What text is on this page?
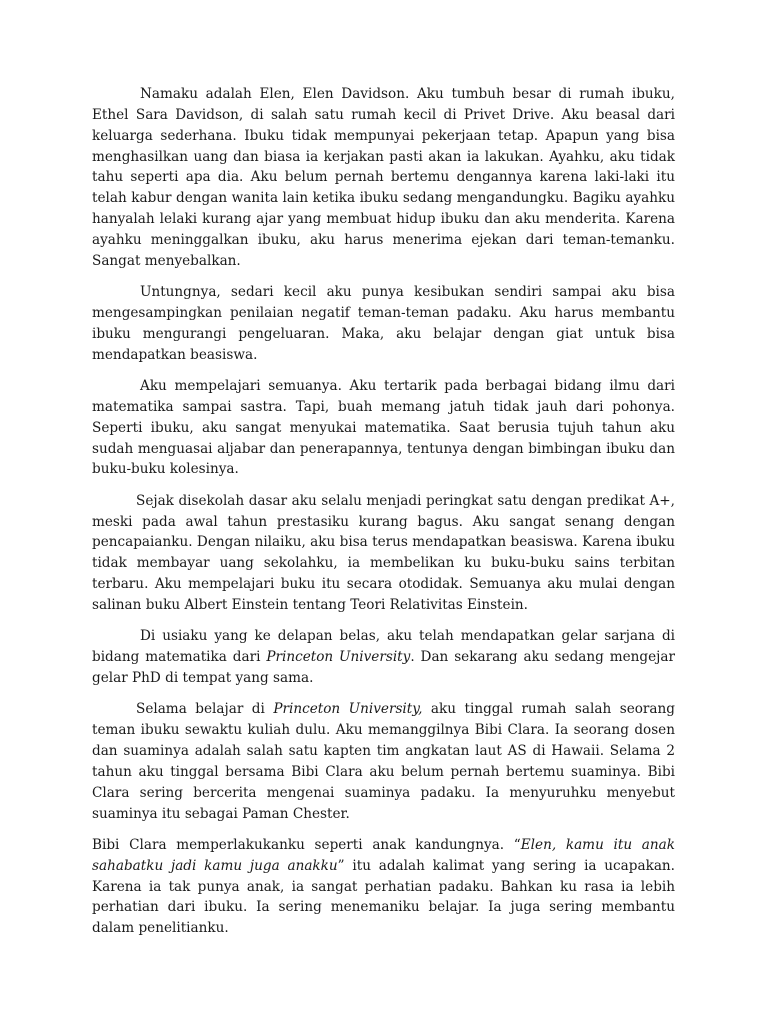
Namaku adalah Elen, Elen Davidson. Aku tumbuh besar di rumah ibuku, Ethel Sara Davidson, di salah satu rumah kecil di Privet Drive. Aku beasal dari keluarga sederhana. Ibuku tidak mempunyai pekerjaan tetap. Apapun yang bisa menghasilkan uang dan biasa ia kerjakan pasti akan ia lakukan. Ayahku, aku tidak tahu seperti apa dia. Aku belum pernah bertemu dengannya karena laki-laki itu telah kabur dengan wanita lain ketika ibuku sedang mengandungku. Bagiku ayahku hanyalah lelaki kurang ajar yang membuat hidup ibuku dan aku menderita. Karena ayahku meninggalkan ibuku, aku harus menerima ejekan dari teman-temanku. Sangat menyebalkan.

Untungnya, sedari kecil aku punya kesibukan sendiri sampai aku bisa mengesampingkan penilaian negatif teman-teman padaku. Aku harus membantu ibuku mengurangi pengeluaran. Maka, aku belajar dengan giat untuk bisa mendapatkan beasiswa.

Aku mempelajari semuanya. Aku tertarik pada berbagai bidang ilmu dari matematika sampai sastra. Tapi, buah memang jatuh tidak jauh dari pohonya. Seperti ibuku, aku sangat menyukai matematika. Saat berusia tujuh tahun aku sudah menguasai aljabar dan penerapannya, tentunya dengan bimbingan ibuku dan buku-buku kolesinya.

Sejak disekolah dasar aku selalu menjadi peringkat satu dengan predikat A+, meski pada awal tahun prestasiku kurang bagus. Aku sangat senang dengan pencapaianku. Dengan nilaiku, aku bisa terus mendapatkan beasiswa. Karena ibuku tidak membayar uang sekolahku, ia membelikan ku buku-buku sains terbitan terbaru. Aku mempelajari buku itu secara otodidak. Semuanya aku mulai dengan salinan buku Albert Einstein tentang Teori Relativitas Einstein.

Di usiaku yang ke delapan belas, aku telah mendapatkan gelar sarjana di bidang matematika dari Princeton University. Dan sekarang aku sedang mengejar gelar PhD di tempat yang sama.

Selama belajar di Princeton University, aku tinggal rumah salah seorang teman ibuku sewaktu kuliah dulu. Aku memanggilnya Bibi Clara. Ia seorang dosen dan suaminya adalah salah satu kapten tim angkatan laut AS di Hawaii. Selama 2 tahun aku tinggal bersama Bibi Clara aku belum pernah bertemu suaminya. Bibi Clara sering bercerita mengenai suaminya padaku. Ia menyuruhku menyebut suaminya itu sebagai Paman Chester.

Bibi Clara memperlakukanku seperti anak kandungnya. “Elen, kamu itu anak sahabatku jadi kamu juga anakku” itu adalah kalimat yang sering ia ucapakan. Karena ia tak punya anak, ia sangat perhatian padaku. Bahkan ku rasa ia lebih perhatian dari ibuku. Ia sering menemaniku belajar. Ia juga sering membantu dalam penelitianku.
